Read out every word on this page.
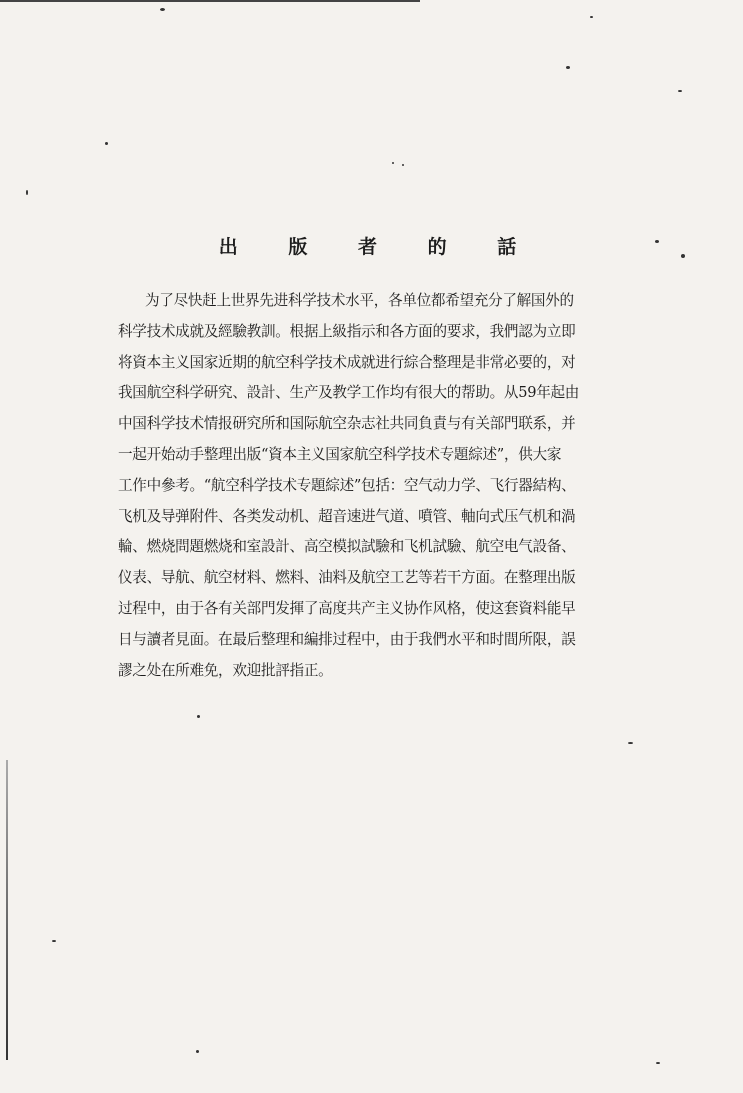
出 版 者 的 話
为了尽快赶上世界先进科学技术水平，各单位都希望充分了解国外的
科学技术成就及經驗教訓。根据上級指示和各方面的要求，我們認为立即
将資本主义国家近期的航空科学技术成就进行綜合整理是非常必要的，对
我国航空科学研究、設計、生产及教学工作均有很大的帮助。从59年起由
中国科学技术情报研究所和国际航空杂志社共同負責与有关部門联系，并
一起开始动手整理出版“資本主义国家航空科学技术专題綜述”，供大家
工作中參考。“航空科学技术专題綜述”包括：空气动力学、飞行器結构、
飞机及导弹附件、各类发动机、超音速进气道、噴管、軸向式压气机和渦
輪、燃烧問題燃烧和室設計、高空模拟試驗和飞机試驗、航空电气設备、
仪表、导航、航空材料、燃料、油料及航空工艺等若干方面。在整理出版
过程中，由于各有关部門发揮了高度共产主义协作风格，使这套資料能早
日与讀者見面。在最后整理和編排过程中，由于我們水平和时間所限，誤
謬之处在所难免，欢迎批評指正。
